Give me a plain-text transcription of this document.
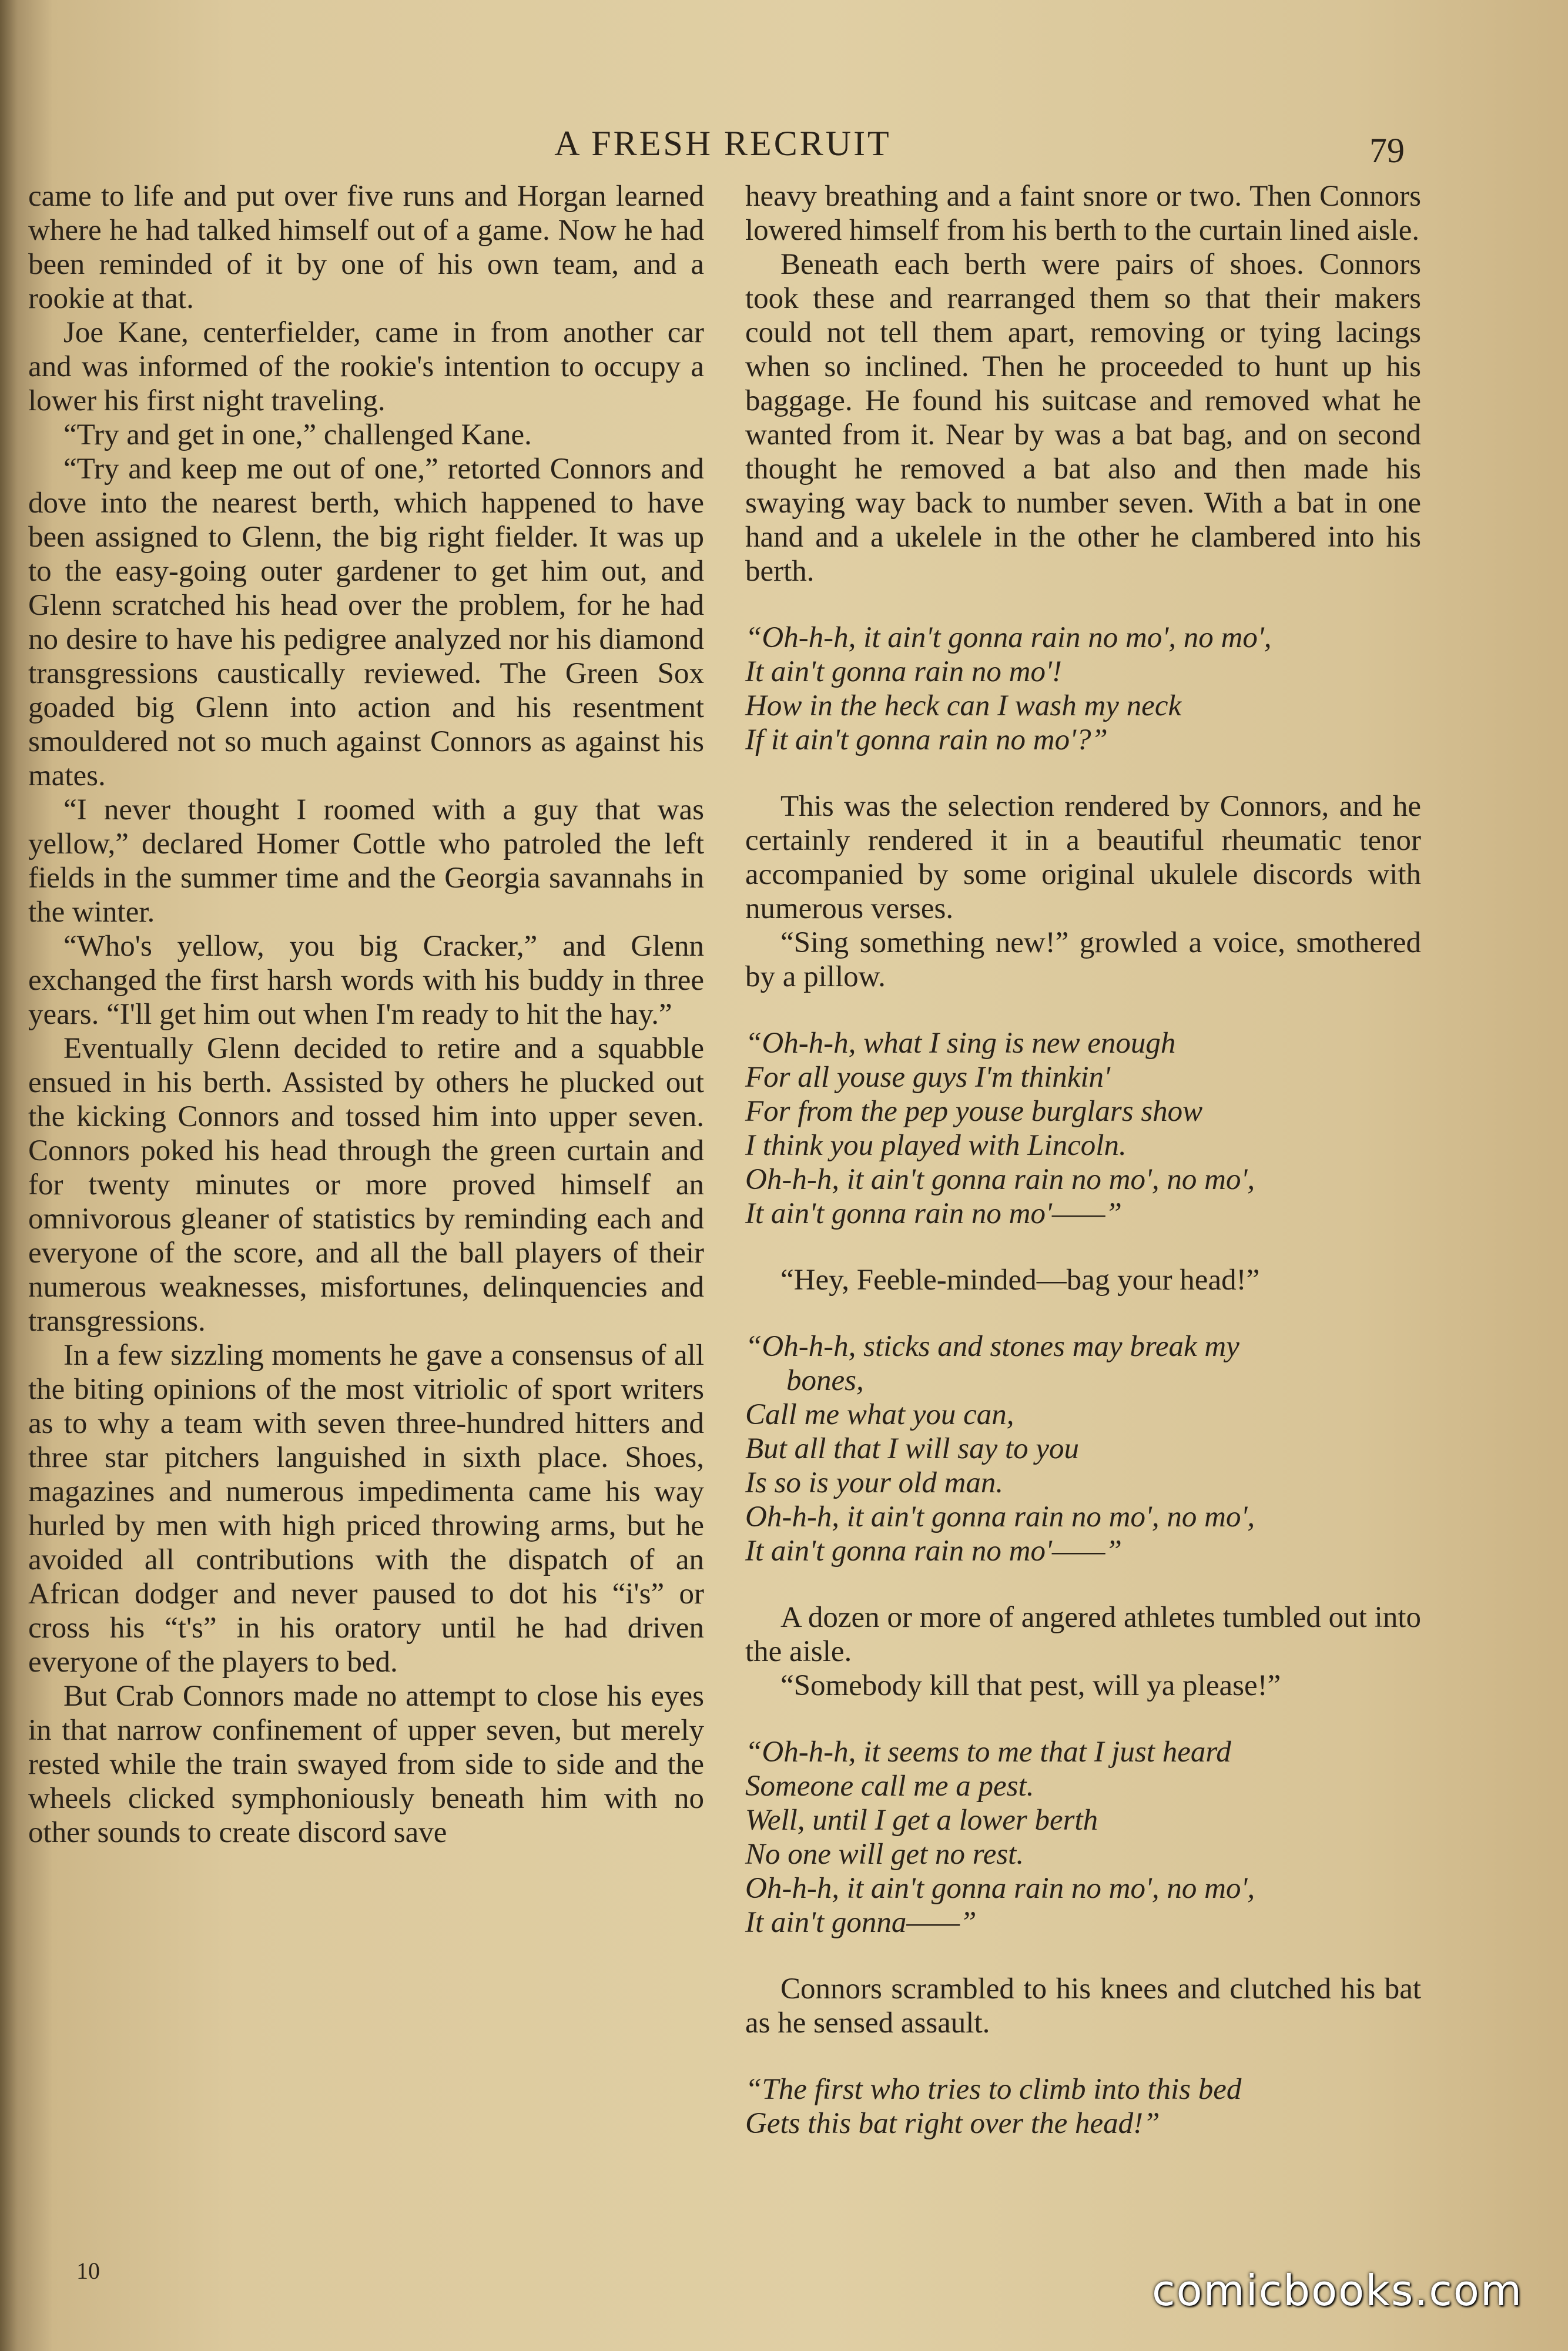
A FRESH RECRUIT	79

came to life and put over five runs and Horgan learned where he had talked himself out of a game. Now he had been reminded of it by one of his own team, and a rookie at that.

Joe Kane, centerfielder, came in from another car and was informed of the rookie's intention to occupy a lower his first night traveling.

“Try and get in one,” challenged Kane.

“Try and keep me out of one,” retorted Connors and dove into the nearest berth, which happened to have been assigned to Glenn, the big right fielder. It was up to the easy-going outer gardener to get him out, and Glenn scratched his head over the problem, for he had no desire to have his pedigree analyzed nor his diamond transgressions caustically reviewed. The Green Sox goaded big Glenn into action and his resentment smouldered not so much against Connors as against his mates.

“I never thought I roomed with a guy that was yellow,” declared Homer Cottle who patroled the left fields in the summer time and the Georgia savannahs in the winter.

“Who's yellow, you big Cracker,” and Glenn exchanged the first harsh words with his buddy in three years. “I'll get him out when I'm ready to hit the hay.”

Eventually Glenn decided to retire and a squabble ensued in his berth. Assisted by others he plucked out the kicking Connors and tossed him into upper seven. Connors poked his head through the green curtain and for twenty minutes or more proved himself an omnivorous gleaner of statistics by reminding each and everyone of the score, and all the ball players of their numerous weaknesses, misfortunes, delinquencies and transgressions.

In a few sizzling moments he gave a consensus of all the biting opinions of the most vitriolic of sport writers as to why a team with seven three-hundred hitters and three star pitchers languished in sixth place. Shoes, magazines and numerous impedimenta came his way hurled by men with high priced throwing arms, but he avoided all contributions with the dispatch of an African dodger and never paused to dot his “i's” or cross his “t's” in his oratory until he had driven everyone of the players to bed.

But Crab Connors made no attempt to close his eyes in that narrow confinement of upper seven, but merely rested while the train swayed from side to side and the wheels clicked symphoniously beneath him with no other sounds to create discord save

heavy breathing and a faint snore or two. Then Connors lowered himself from his berth to the curtain lined aisle.

Beneath each berth were pairs of shoes. Connors took these and rearranged them so that their makers could not tell them apart, removing or tying lacings when so inclined. Then he proceeded to hunt up his baggage. He found his suitcase and removed what he wanted from it. Near by was a bat bag, and on second thought he removed a bat also and then made his swaying way back to number seven. With a bat in one hand and a ukelele in the other he clambered into his berth.

“Oh-h-h, it ain't gonna rain no mo', no mo',
It ain't gonna rain no mo'!
How in the heck can I wash my neck
If it ain't gonna rain no mo'?”

This was the selection rendered by Connors, and he certainly rendered it in a beautiful rheumatic tenor accompanied by some original ukulele discords with numerous verses.

“Sing something new!” growled a voice, smothered by a pillow.

“Oh-h-h, what I sing is new enough
For all youse guys I'm thinkin'
For from the pep youse burglars show
I think you played with Lincoln.
Oh-h-h, it ain't gonna rain no mo', no mo',
It ain't gonna rain no mo'——”

“Hey, Feeble-minded—bag your head!”

“Oh-h-h, sticks and stones may break my
bones,
Call me what you can,
But all that I will say to you
Is so is your old man.
Oh-h-h, it ain't gonna rain no mo', no mo',
It ain't gonna rain no mo'——”

A dozen or more of angered athletes tumbled out into the aisle.

“Somebody kill that pest, will ya please!”

“Oh-h-h, it seems to me that I just heard
Someone call me a pest.
Well, until I get a lower berth
No one will get no rest.
Oh-h-h, it ain't gonna rain no mo', no mo',
It ain't gonna——”

Connors scrambled to his knees and clutched his bat as he sensed assault.

“The first who tries to climb into this bed
Gets this bat right over the head!”
10	comicbooks.com
